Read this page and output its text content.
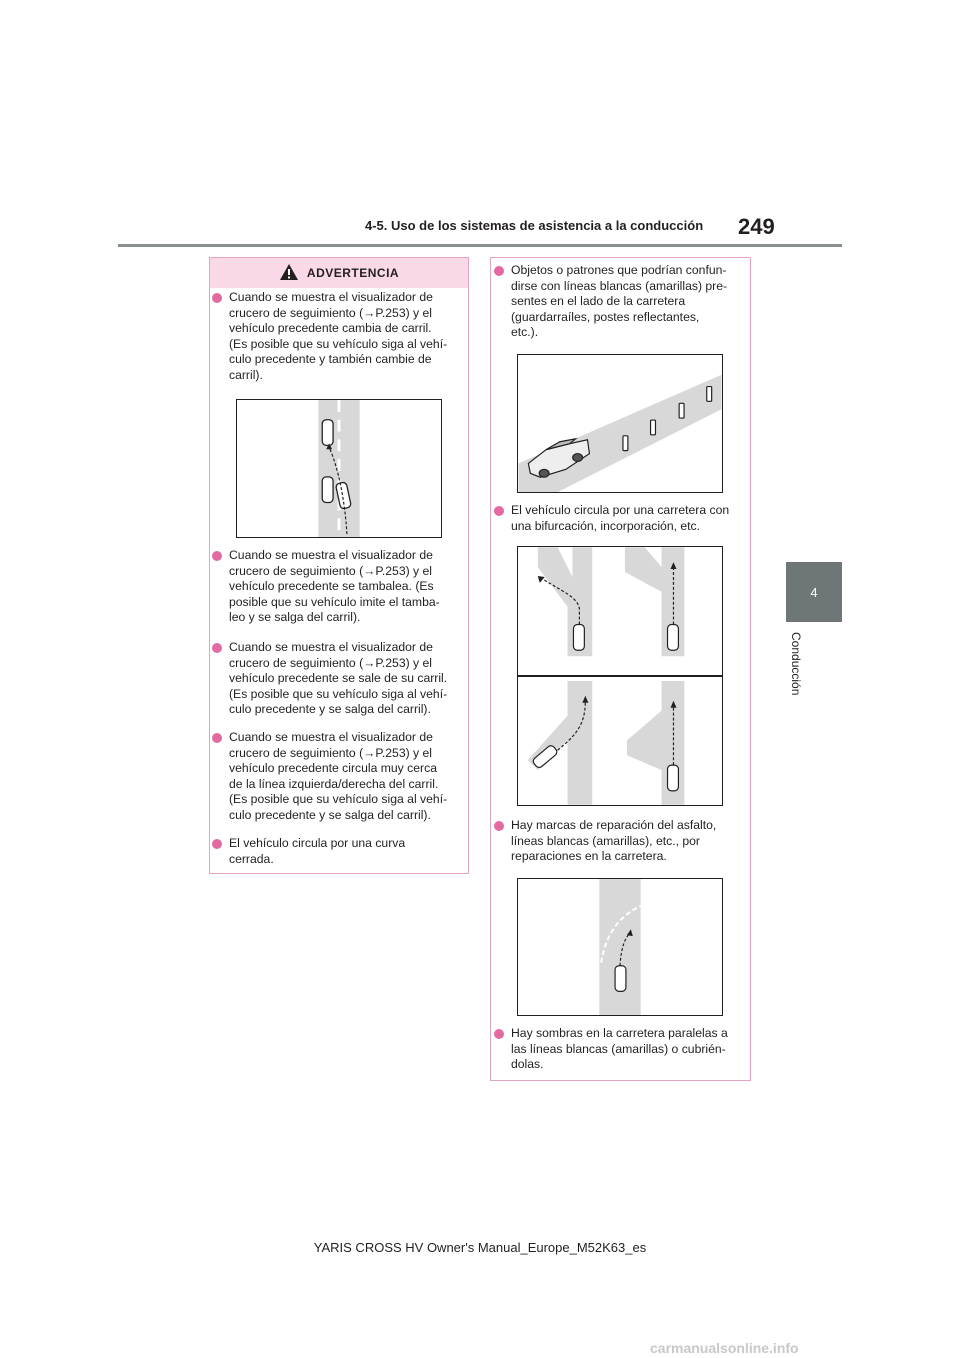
4-5. Uso de los sistemas de asistencia a la conducción 249
4
Conducción
ADVERTENCIA
Cuando se muestra el visualizador de
crucero de seguimiento (→P.253) y el
vehículo precedente cambia de carril.
(Es posible que su vehículo siga al vehí-
culo precedente y también cambie de
carril).
Cuando se muestra el visualizador de
crucero de seguimiento (→P.253) y el
vehículo precedente se tambalea. (Es
posible que su vehículo imite el tamba-
leo y se salga del carril).
Cuando se muestra el visualizador de
crucero de seguimiento (→P.253) y el
vehículo precedente se sale de su carril.
(Es posible que su vehículo siga al vehí-
culo precedente y se salga del carril).
Cuando se muestra el visualizador de
crucero de seguimiento (→P.253) y el
vehículo precedente circula muy cerca
de la línea izquierda/derecha del carril.
(Es posible que su vehículo siga al vehí-
culo precedente y se salga del carril).
El vehículo circula por una curva
cerrada.
Objetos o patrones que podrían confun-
dirse con líneas blancas (amarillas) pre-
sentes en el lado de la carretera
(guardarraíles, postes reflectantes,
etc.).
El vehículo circula por una carretera con
una bifurcación, incorporación, etc.
Hay marcas de reparación del asfalto,
líneas blancas (amarillas), etc., por
reparaciones en la carretera.
Hay sombras en la carretera paralelas a
las líneas blancas (amarillas) o cubrién-
dolas.
YARIS CROSS HV Owner's Manual_Europe_M52K63_es
carmanualsonline.info
